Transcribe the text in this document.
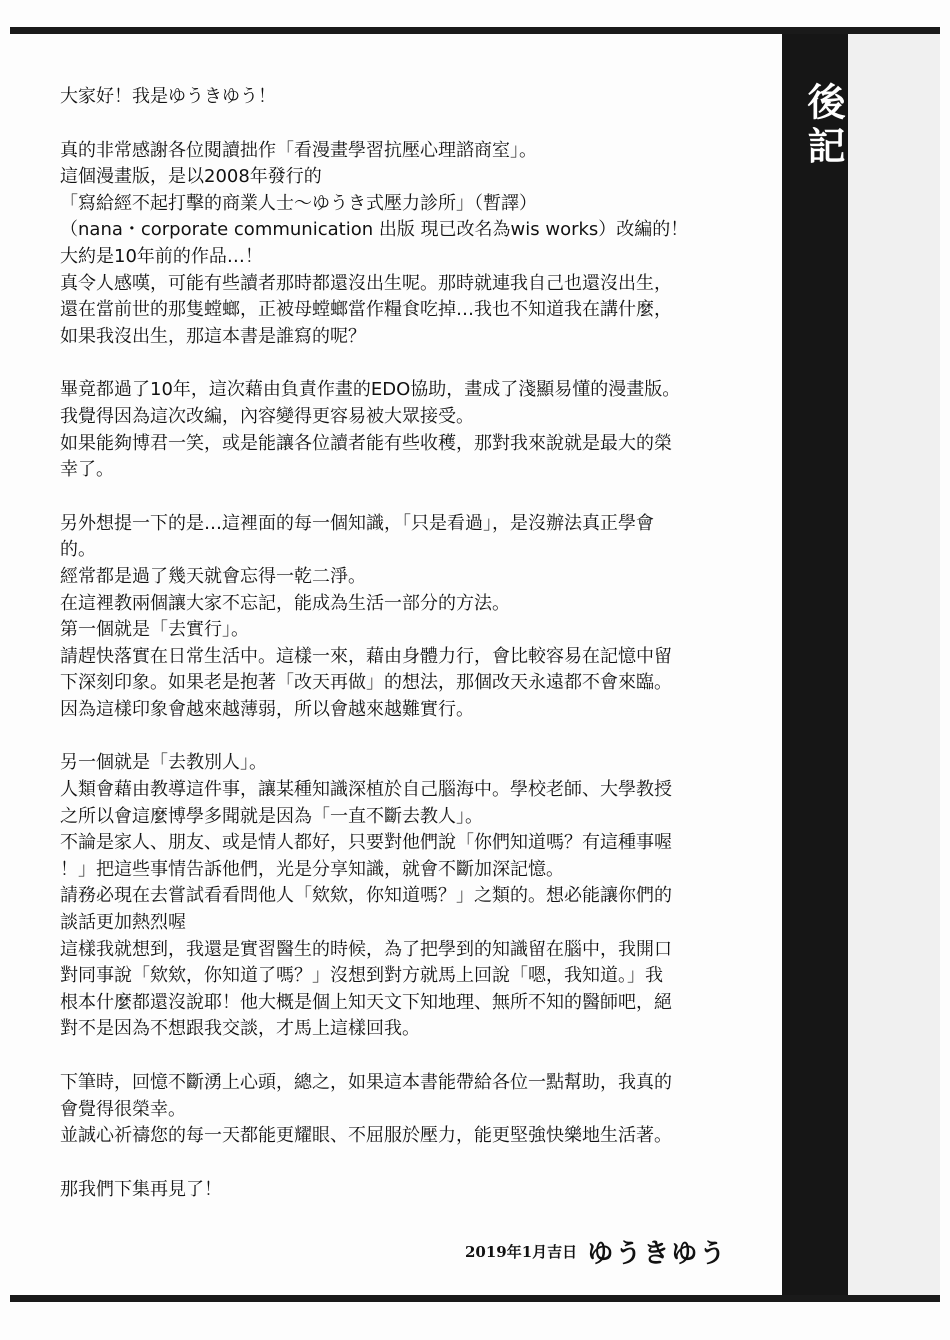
後記

大家好！我是ゆうきゆう！

真的非常感謝各位閱讀拙作「看漫畫學習抗壓心理諮商室」。

這個漫畫版，是以2008年發行的

「寫給經不起打擊的商業人士～ゆうき式壓力診所」（暫譯）

（nana・corporate communication 出版 現已改名為wis works）改編的！

大約是10年前的作品…！

真令人感嘆，可能有些讀者那時都還沒出生呢。那時就連我自己也還沒出生，

還在當前世的那隻螳螂，正被母螳螂當作糧食吃掉…我也不知道我在講什麼，

如果我沒出生，那這本書是誰寫的呢？

畢竟都過了10年，這次藉由負責作畫的EDO協助，畫成了淺顯易懂的漫畫版。

我覺得因為這次改編，內容變得更容易被大眾接受。

如果能夠博君一笑，或是能讓各位讀者能有些收穫，那對我來說就是最大的榮

幸了。

另外想提一下的是…這裡面的每一個知識，「只是看過」，是沒辦法真正學會

的。

經常都是過了幾天就會忘得一乾二淨。

在這裡教兩個讓大家不忘記，能成為生活一部分的方法。

第一個就是「去實行」。

請趕快落實在日常生活中。這樣一來，藉由身體力行，會比較容易在記憶中留

下深刻印象。如果老是抱著「改天再做」的想法，那個改天永遠都不會來臨。

因為這樣印象會越來越薄弱，所以會越來越難實行。

另一個就是「去教別人」。

人類會藉由教導這件事，讓某種知識深植於自己腦海中。學校老師、大學教授

之所以會這麼博學多聞就是因為「一直不斷去教人」。

不論是家人、朋友、或是情人都好，只要對他們說「你們知道嗎？有這種事喔

！」把這些事情告訴他們，光是分享知識，就會不斷加深記憶。

請務必現在去嘗試看看問他人「欸欸，你知道嗎？」之類的。想必能讓你們的

談話更加熱烈喔

這樣我就想到，我還是實習醫生的時候，為了把學到的知識留在腦中，我開口

對同事說「欸欸，你知道了嗎？」沒想到對方就馬上回說「嗯，我知道。」我

根本什麼都還沒說耶！他大概是個上知天文下知地理、無所不知的醫師吧，絕

對不是因為不想跟我交談，才馬上這樣回我。

下筆時，回憶不斷湧上心頭，總之，如果這本書能帶給各位一點幫助，我真的

會覺得很榮幸。

並誠心祈禱您的每一天都能更耀眼、不屈服於壓力，能更堅強快樂地生活著。

那我們下集再見了！

2019年1月吉日 ゆうきゆう
